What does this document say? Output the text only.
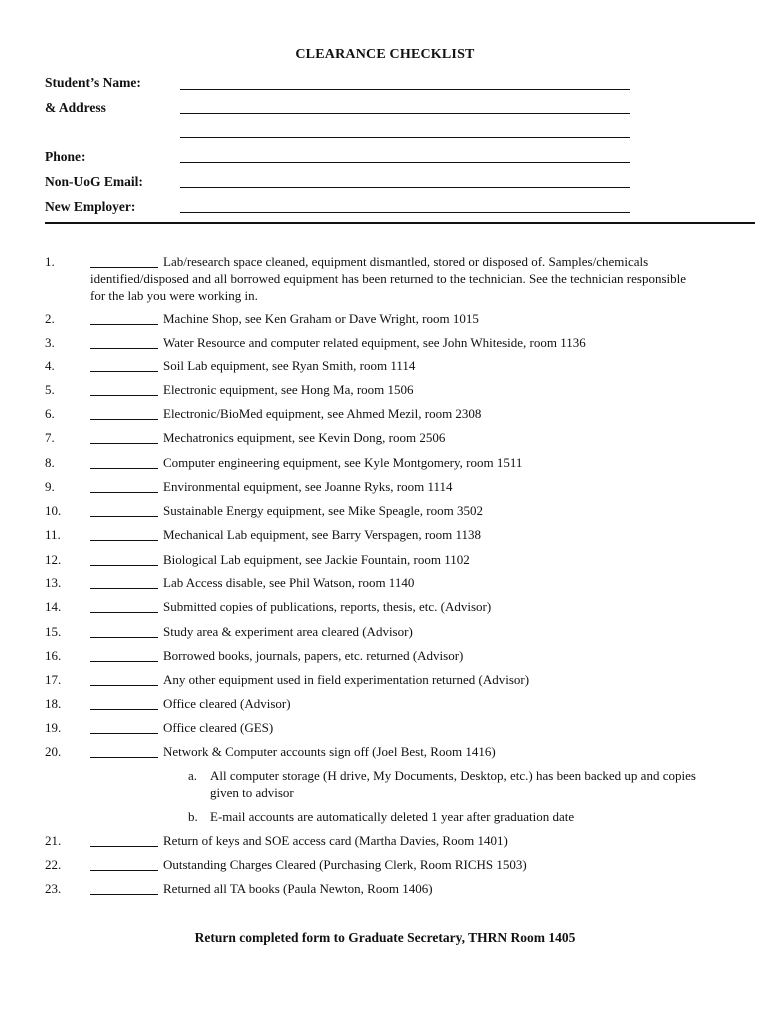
CLEARANCE CHECKLIST
Student’s Name:
& Address
Phone:
Non-UoG Email:
New Employer:
1.	Lab/research space cleaned, equipment dismantled, stored or disposed of. Samples/chemicals identified/disposed and all borrowed equipment has been returned to the technician. See the technician responsible for the lab you were working in.
2.	Machine Shop, see Ken Graham or Dave Wright, room 1015
3.	Water Resource and computer related equipment, see John Whiteside, room 1136
4.	Soil Lab equipment, see Ryan Smith, room 1114
5.	Electronic equipment, see Hong Ma, room 1506
6.	Electronic/BioMed equipment, see Ahmed Mezil, room 2308
7.	Mechatronics equipment, see Kevin Dong, room 2506
8.	Computer engineering equipment, see Kyle Montgomery, room 1511
9.	Environmental equipment, see Joanne Ryks, room 1114
10.	Sustainable Energy equipment, see Mike Speagle, room 3502
11.	Mechanical Lab equipment, see Barry Verspagen, room 1138
12.	Biological Lab equipment, see Jackie Fountain, room 1102
13.	Lab Access disable, see Phil Watson, room 1140
14.	Submitted copies of publications, reports, thesis, etc. (Advisor)
15.	Study area & experiment area cleared (Advisor)
16.	Borrowed books, journals, papers, etc. returned (Advisor)
17.	Any other equipment used in field experimentation returned (Advisor)
18.	Office cleared (Advisor)
19.	Office cleared (GES)
20.	Network & Computer accounts sign off (Joel Best, Room 1416)
a. All computer storage (H drive, My Documents, Desktop, etc.) has been backed up and copies given to advisor
b. E-mail accounts are automatically deleted 1 year after graduation date
21.	Return of keys and SOE access card (Martha Davies, Room 1401)
22.	Outstanding Charges Cleared (Purchasing Clerk, Room RICHS 1503)
23.	Returned all TA books (Paula Newton, Room 1406)
Return completed form to Graduate Secretary, THRN Room 1405
